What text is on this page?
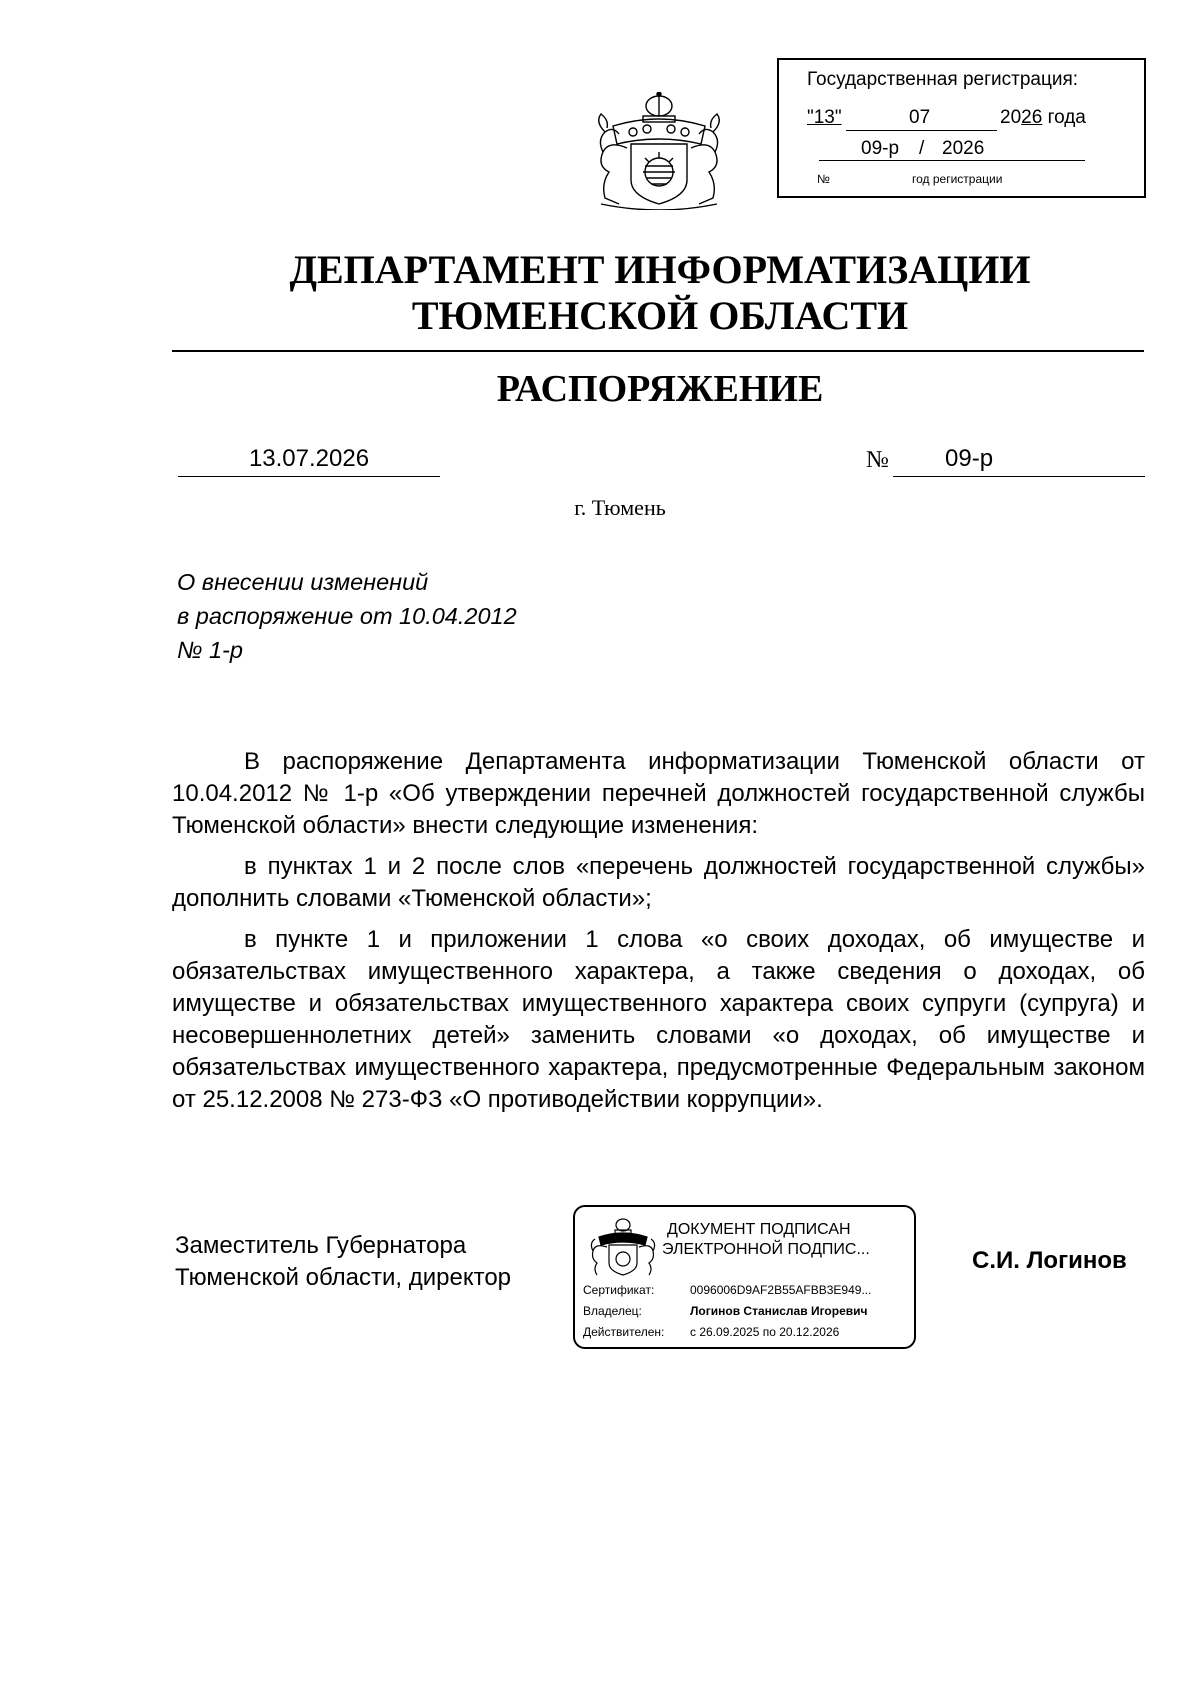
Государственная регистрация:
"13"	07	2026 года
09-р / 2026
№	год регистрации
ДЕПАРТАМЕНТ ИНФОРМАТИЗАЦИИ
ТЮМЕНСКОЙ ОБЛАСТИ
РАСПОРЯЖЕНИЕ
13.07.2026	№	09-р
г. Тюмень
О внесении изменений
в распоряжение от 10.04.2012
№ 1-р

В распоряжение Департамента информатизации Тюменской области от 10.04.2012 № 1-р «Об утверждении перечней должностей государственной службы Тюменской области» внести следующие изменения:

в пунктах 1 и 2 после слов «перечень должностей государственной службы» дополнить словами «Тюменской области»;

в пункте 1 и приложении 1 слова «о своих доходах, об имуществе и обязательствах имущественного характера, а также сведения о доходах, об имуществе и обязательствах имущественного характера своих супруги (супруга) и несовершеннолетних детей» заменить словами «о доходах, об имуществе и обязательствах имущественного характера, предусмотренные Федеральным законом от 25.12.2008 № 273-ФЗ «О противодействии коррупции».

Заместитель Губернатора
Тюменской области, директор
ДОКУМЕНТ ПОДПИСАН
ЭЛЕКТРОННОЙ ПОДПИС...
Сертификат:	0096006D9AF2B55AFBB3E949...
Владелец:	Логинов Станислав Игоревич
Действителен: с 26.09.2025 по 20.12.2026
С.И. Логинов
